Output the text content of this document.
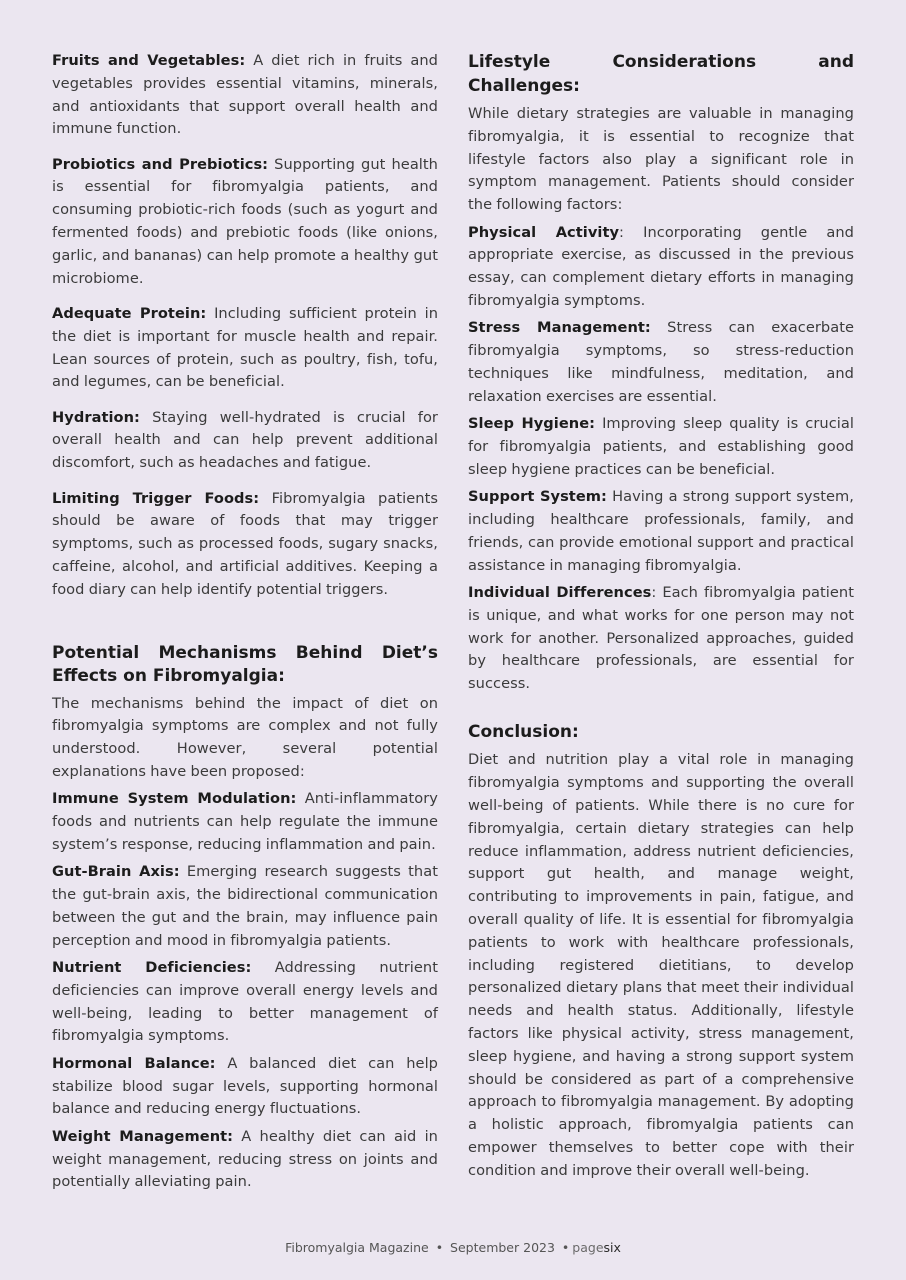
Fruits and Vegetables: A diet rich in fruits and vegetables provides essential vitamins, minerals, and antioxidants that support overall health and immune function.

Probiotics and Prebiotics: Supporting gut health is essential for fibromyalgia patients, and consuming probiotic-rich foods (such as yogurt and fermented foods) and prebiotic foods (like onions, garlic, and bananas) can help promote a healthy gut microbiome.

Adequate Protein: Including sufficient protein in the diet is important for muscle health and repair. Lean sources of protein, such as poultry, fish, tofu, and legumes, can be beneficial.

Hydration: Staying well-hydrated is crucial for overall health and can help prevent additional discomfort, such as headaches and fatigue.

Limiting Trigger Foods: Fibromyalgia patients should be aware of foods that may trigger symptoms, such as processed foods, sugary snacks, caffeine, alcohol, and artificial additives. Keeping a food diary can help identify potential triggers.

Potential Mechanisms Behind Diet’s Effects on Fibromyalgia:

The mechanisms behind the impact of diet on fibromyalgia symptoms are complex and not fully understood. However, several potential explanations have been proposed:

Immune System Modulation: Anti-inflammatory foods and nutrients can help regulate the immune system’s response, reducing inflammation and pain.

Gut-Brain Axis: Emerging research suggests that the gut-brain axis, the bidirectional communication between the gut and the brain, may influence pain perception and mood in fibromyalgia patients.

Nutrient Deficiencies: Addressing nutrient deficiencies can improve overall energy levels and well-being, leading to better management of fibromyalgia symptoms.

Hormonal Balance: A balanced diet can help stabilize blood sugar levels, supporting hormonal balance and reducing energy fluctuations.

Weight Management: A healthy diet can aid in weight management, reducing stress on joints and potentially alleviating pain.

Lifestyle Considerations and Challenges:

While dietary strategies are valuable in managing fibromyalgia, it is essential to recognize that lifestyle factors also play a significant role in symptom management. Patients should consider the following factors:

Physical Activity: Incorporating gentle and appropriate exercise, as discussed in the previous essay, can complement dietary efforts in managing fibromyalgia symptoms.

Stress Management: Stress can exacerbate fibromyalgia symptoms, so stress-reduction techniques like mindfulness, meditation, and relaxation exercises are essential.

Sleep Hygiene: Improving sleep quality is crucial for fibromyalgia patients, and establishing good sleep hygiene practices can be beneficial.

Support System: Having a strong support system, including healthcare professionals, family, and friends, can provide emotional support and practical assistance in managing fibromyalgia.

Individual Differences: Each fibromyalgia patient is unique, and what works for one person may not work for another. Personalized approaches, guided by healthcare professionals, are essential for success.

Conclusion:

Diet and nutrition play a vital role in managing fibromyalgia symptoms and supporting the overall well-being of patients. While there is no cure for fibromyalgia, certain dietary strategies can help reduce inflammation, address nutrient deficiencies, support gut health, and manage weight, contributing to improvements in pain, fatigue, and overall quality of life. It is essential for fibromyalgia patients to work with healthcare professionals, including registered dietitians, to develop personalized dietary plans that meet their individual needs and health status. Additionally, lifestyle factors like physical activity, stress management, sleep hygiene, and having a strong support system should be considered as part of a comprehensive approach to fibromyalgia management. By adopting a holistic approach, fibromyalgia patients can empower themselves to better cope with their condition and improve their overall well-being.

Fibromyalgia Magazine • September 2023 • pagesix
